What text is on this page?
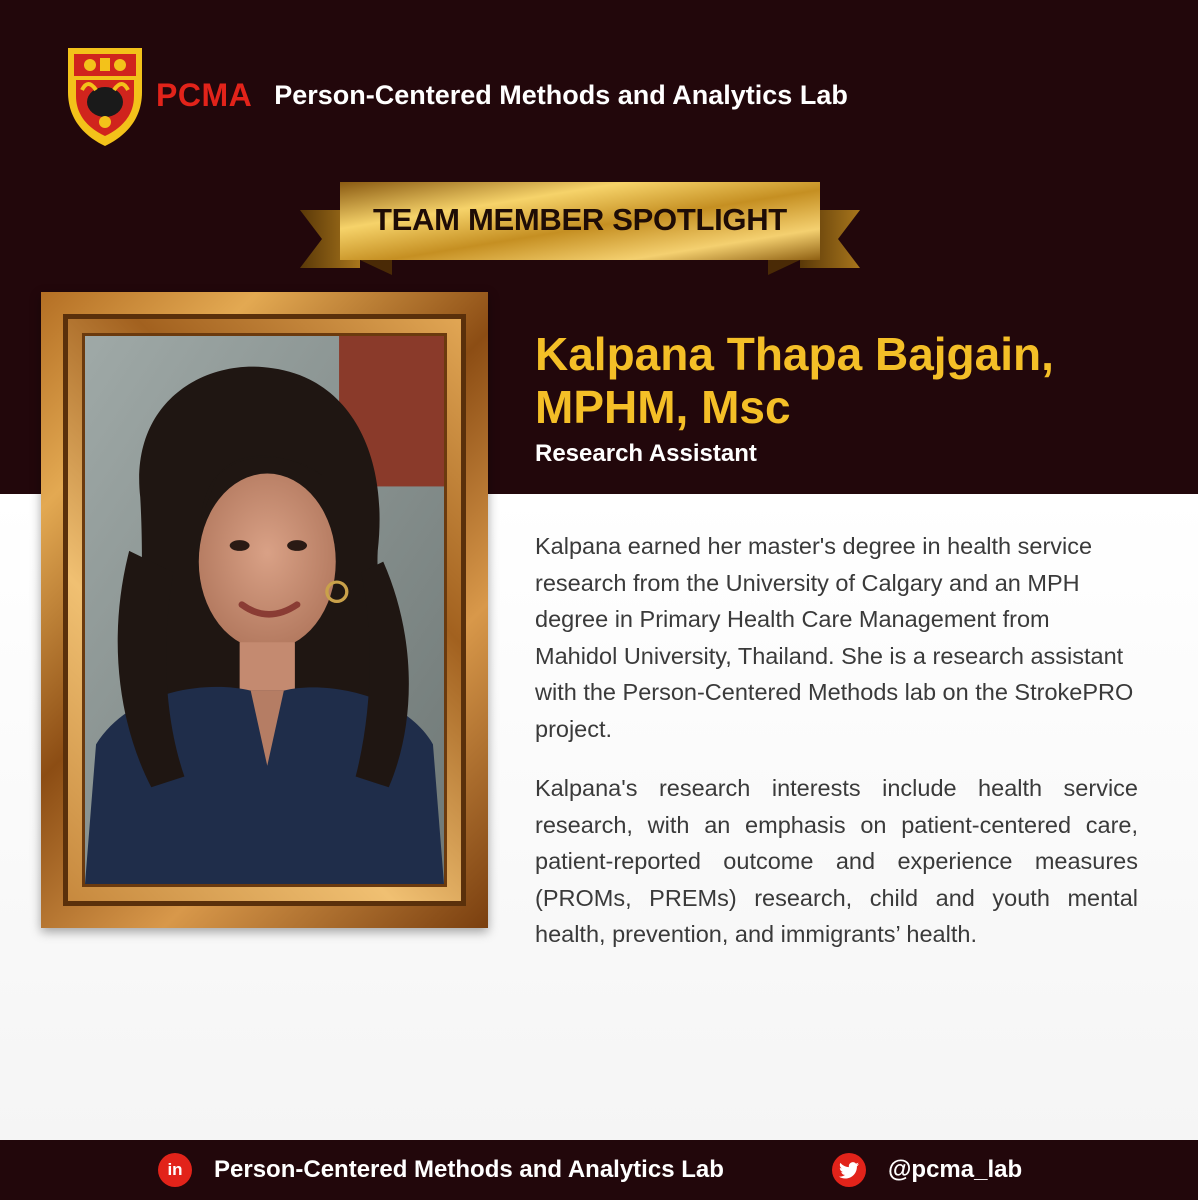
PCMA Person-Centered Methods and Analytics Lab
TEAM MEMBER SPOTLIGHT
Kalpana Thapa Bajgain,
MPHM, Msc
Research Assistant

Kalpana earned her master's degree in health service research from the University of Calgary and an MPH degree in Primary Health Care Management from Mahidol University, Thailand. She is a research assistant with the Person-Centered Methods lab on the StrokePRO project.

Kalpana's research interests include health service research, with an emphasis on patient-centered care, patient-reported outcome and experience measures (PROMs, PREMs) research, child and youth mental health, prevention, and immigrants’ health.

in	Person-Centered Methods and Analytics Lab	@pcma_lab
